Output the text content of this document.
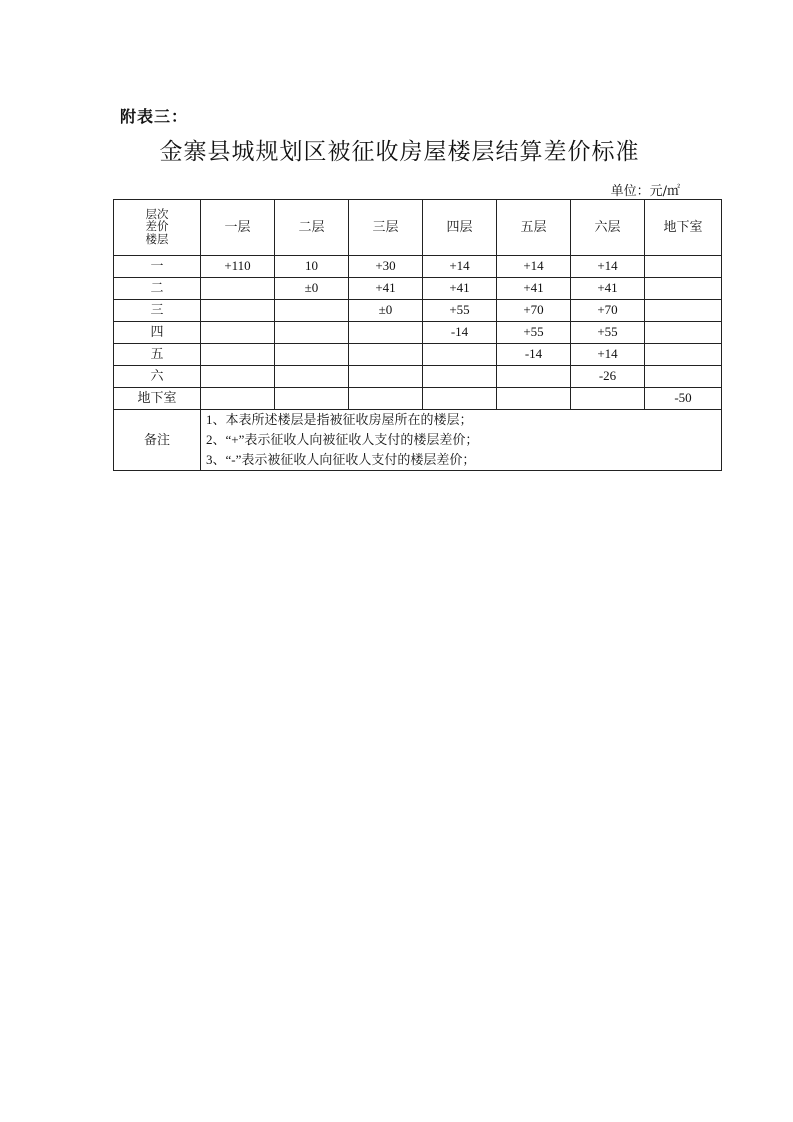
附表三：
金寨县城规划区被征收房屋楼层结算差价标准
单位：元/㎡
层次
差价
楼层	一层	二层	三层	四层	五层	六层	地下室
一	+110	10	+30	+14	+14	+14	
二		±0	+41	+41	+41	+41	
三			±0	+55	+70	+70	
四				-14	+55	+55	
五					-14	+14	
六						-26	
地下室							-50
备注	1、本表所述楼层是指被征收房屋所在的楼层；
2、“+”表示征收人向被征收人支付的楼层差价；
3、“-”表示被征收人向征收人支付的楼层差价；						
